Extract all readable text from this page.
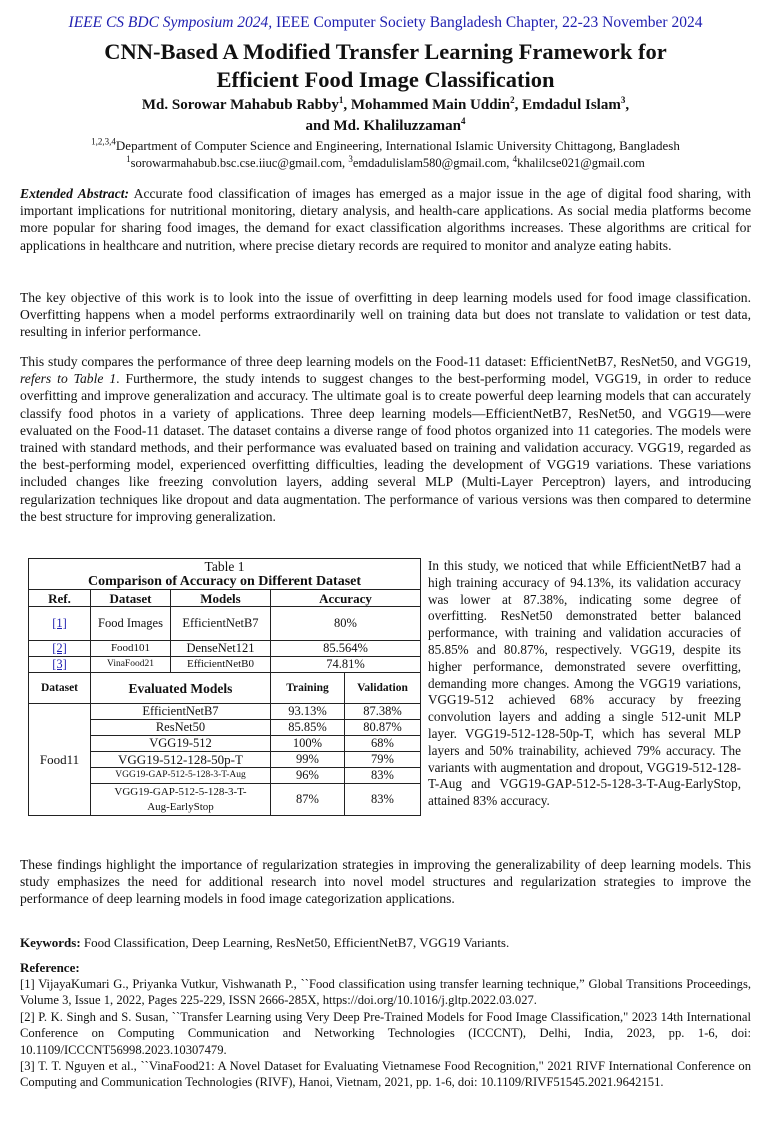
IEEE CS BDC Symposium 2024, IEEE Computer Society Bangladesh Chapter, 22-23 November 2024
CNN-Based A Modified Transfer Learning Framework for
Efficient Food Image Classification
Md. Sorowar Mahabub Rabby$^1$, Mohammed Main Uddin$^2$, Emdadul Islam$^3$,
and Md. Khaliluzzaman$^4$
$^{1,2,3,4}$Department of Computer Science and Engineering, International Islamic University Chittagong, Bangladesh
$^1$sorowarmahabub.bsc.cse.iiuc@gmail.com, $^3$emdadulislam580@gmail.com, $^4$khalilcse021@gmail.com

Extended Abstract: Accurate food classification of images has emerged as a major issue in the age of digital food sharing, with important implications for nutritional monitoring, dietary analysis, and health-care applications. As social media platforms become more popular for sharing food images, the demand for exact classification algorithms increases. These algorithms are critical for applications in healthcare and nutrition, where precise dietary records are required to monitor and analyze eating habits.

The key objective of this work is to look into the issue of overfitting in deep learning models used for food image classification. Overfitting happens when a model performs extraordinarily well on training data but does not translate to validation or test data, resulting in inferior performance.

This study compares the performance of three deep learning models on the Food-11 dataset: EfficientNetB7, ResNet50, and VGG19, refers to Table 1. Furthermore, the study intends to suggest changes to the best-performing model, VGG19, in order to reduce overfitting and improve generalization and accuracy. The ultimate goal is to create powerful deep learning models that can accurately classify food photos in a variety of applications. Three deep learning models—EfficientNetB7, ResNet50, and VGG19—were evaluated on the Food-11 dataset. The dataset contains a diverse range of food photos organized into 11 categories. The models were trained with standard methods, and their performance was evaluated based on training and validation accuracy. VGG19, regarded as the best-performing model, experienced overfitting difficulties, leading the development of VGG19 variations. These variations included changes like freezing convolution layers, adding several MLP (Multi-Layer Perceptron) layers, and introducing regularization techniques like dropout and data augmentation. The performance of various versions was then compared to determine the best structure for improving generalization.

Table 1				
Comparison of Accuracy on Different Dataset				
Ref.	Dataset	Models	Accuracy	
[1]	Food Images	EfficientNetB7	80%	
[2]	Food101	DenseNet121	85.564%	
[3]	VinaFood21	EfficientNetB0	74.81%	
Dataset	Evaluated Models		Training	Validation
Food11	EfficientNetB7		93.13%	87.38%
	ResNet50		85.85%	80.87%
	VGG19-512		100%	68%
	VGG19-512-128-50p-T		99%	79%
	VGG19-GAP-512-5-128-3-T-Aug		96%	83%
	VGG19-GAP-512-5-128-3-T-Aug-EarlyStop		87%	83%

In this study, we noticed that while EfficientNetB7 had a high training accuracy of 94.13%, its validation accuracy was lower at 87.38%, indicating some degree of overfitting. ResNet50 demonstrated better balanced performance, with training and validation accuracies of 85.85% and 80.87%, respectively. VGG19, despite its higher performance, demonstrated severe overfitting, demanding more changes. Among the VGG19 variations, VGG19-512 achieved 68% accuracy by freezing convolution layers and adding a single 512-unit MLP layer. VGG19-512-128-50p-T, which has several MLP layers and 50% trainability, achieved 79% accuracy. The variants with augmentation and dropout, VGG19-512-128-T-Aug and VGG19-GAP-512-5-128-3-T-Aug-EarlyStop, attained 83% accuracy.

These findings highlight the importance of regularization strategies in improving the generalizability of deep learning models. This study emphasizes the need for additional research into novel model structures and regularization strategies to improve the performance of deep learning models in food image categorization applications.

Keywords: Food Classification, Deep Learning, ResNet50, EfficientNetB7, VGG19 Variants.
Reference:

[1] VijayaKumari G., Priyanka Vutkur, Vishwanath P., ``Food classification using transfer learning technique,” Global Transitions Proceedings, Volume 3, Issue 1, 2022, Pages 225-229, ISSN 2666-285X, https://doi.org/10.1016/j.gltp.2022.03.027.

[2] P. K. Singh and S. Susan, ``Transfer Learning using Very Deep Pre-Trained Models for Food Image Classification," 2023 14th International Conference on Computing Communication and Networking Technologies (ICCCNT), Delhi, India, 2023, pp. 1-6, doi: 10.1109/ICCCNT56998.2023.10307479.

[3] T. T. Nguyen et al., ``VinaFood21: A Novel Dataset for Evaluating Vietnamese Food Recognition," 2021 RIVF International Conference on Computing and Communication Technologies (RIVF), Hanoi, Vietnam, 2021, pp. 1-6, doi: 10.1109/RIVF51545.2021.9642151.
